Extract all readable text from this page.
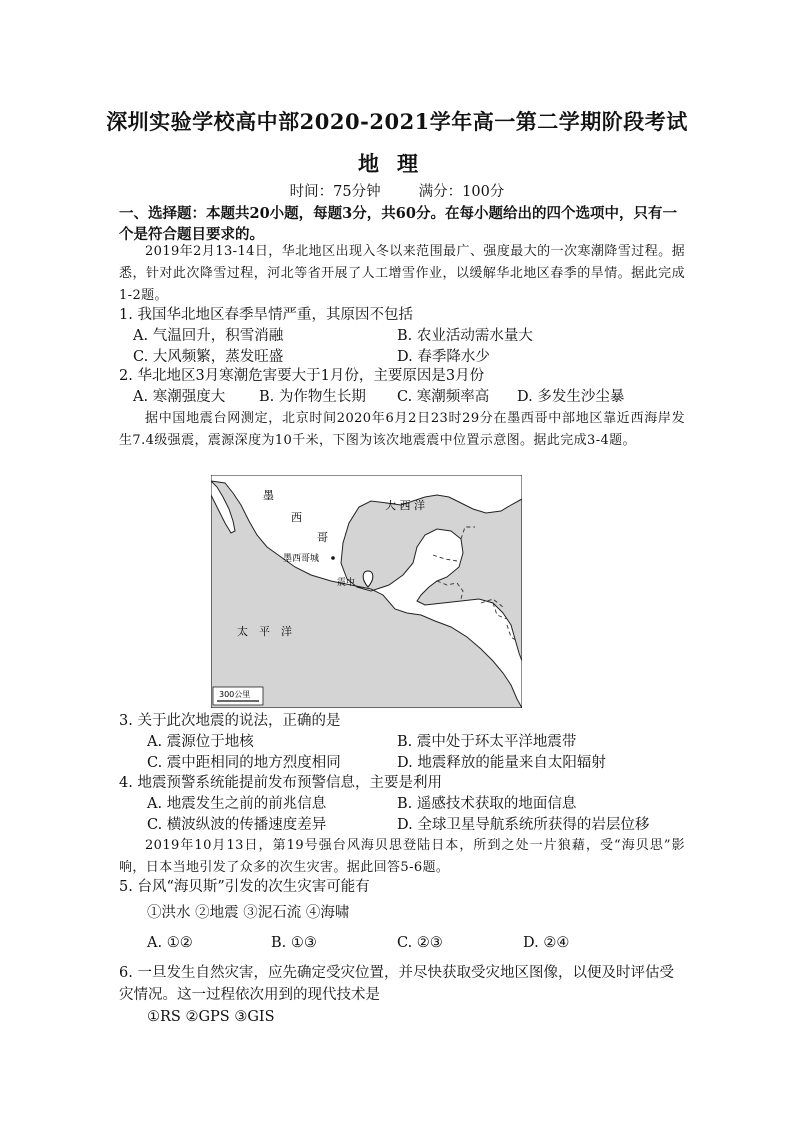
深圳实验学校高中部2020-2021学年高一第二学期阶段考试
地理
时间：75分钟	满分：100分
一、选择题：本题共20小题，每题3分，共60分。在每小题给出的四个选项中，只有一个是符合题目要求的。
2019年2月13-14日，华北地区出现入冬以来范围最广、强度最大的一次寒潮降雪过程。据悉，针对此次降雪过程，河北等省开展了人工增雪作业，以缓解华北地区春季的旱情。据此完成1-2题。
1. 我国华北地区春季旱情严重，其原因不包括
A. 气温回升，积雪消融	B. 农业活动需水量大
C. 大风频繁，蒸发旺盛	D. 春季降水少
2. 华北地区3月寒潮危害要大于1月份，主要原因是3月份
A. 寒潮强度大 B. 为作物生长期 C. 寒潮频率高 D. 多发生沙尘暴
据中国地震台网测定，北京时间2020年6月2日23时29分在墨西哥中部地区靠近西海岸发生7.4级强震，震源深度为10千米，下图为该次地震震中位置示意图。据此完成3-4题。
墨
西
哥
大 西 洋
墨西哥城
震中
太　平　洋
300公里
3. 关于此次地震的说法，正确的是
A. 震源位于地核	B. 震中处于环太平洋地震带
C. 震中距相同的地方烈度相同	D. 地震释放的能量来自太阳辐射
4. 地震预警系统能提前发布预警信息，主要是利用
A. 地震发生之前的前兆信息	B. 遥感技术获取的地面信息
C. 横波纵波的传播速度差异	D. 全球卫星导航系统所获得的岩层位移
2019年10月13日，第19号强台风海贝思登陆日本，所到之处一片狼藉，受“海贝思”影响，日本当地引发了众多的次生灾害。据此回答5-6题。
5. 台风“海贝斯”引发的次生灾害可能有
①洪水 ②地震 ③泥石流 ④海啸
A. ①②	B. ①③	C. ②③	D. ②④
6. 一旦发生自然灾害，应先确定受灾位置，并尽快获取受灾地区图像，以便及时评估受灾情况。这一过程依次用到的现代技术是
①RS ②GPS ③GIS
